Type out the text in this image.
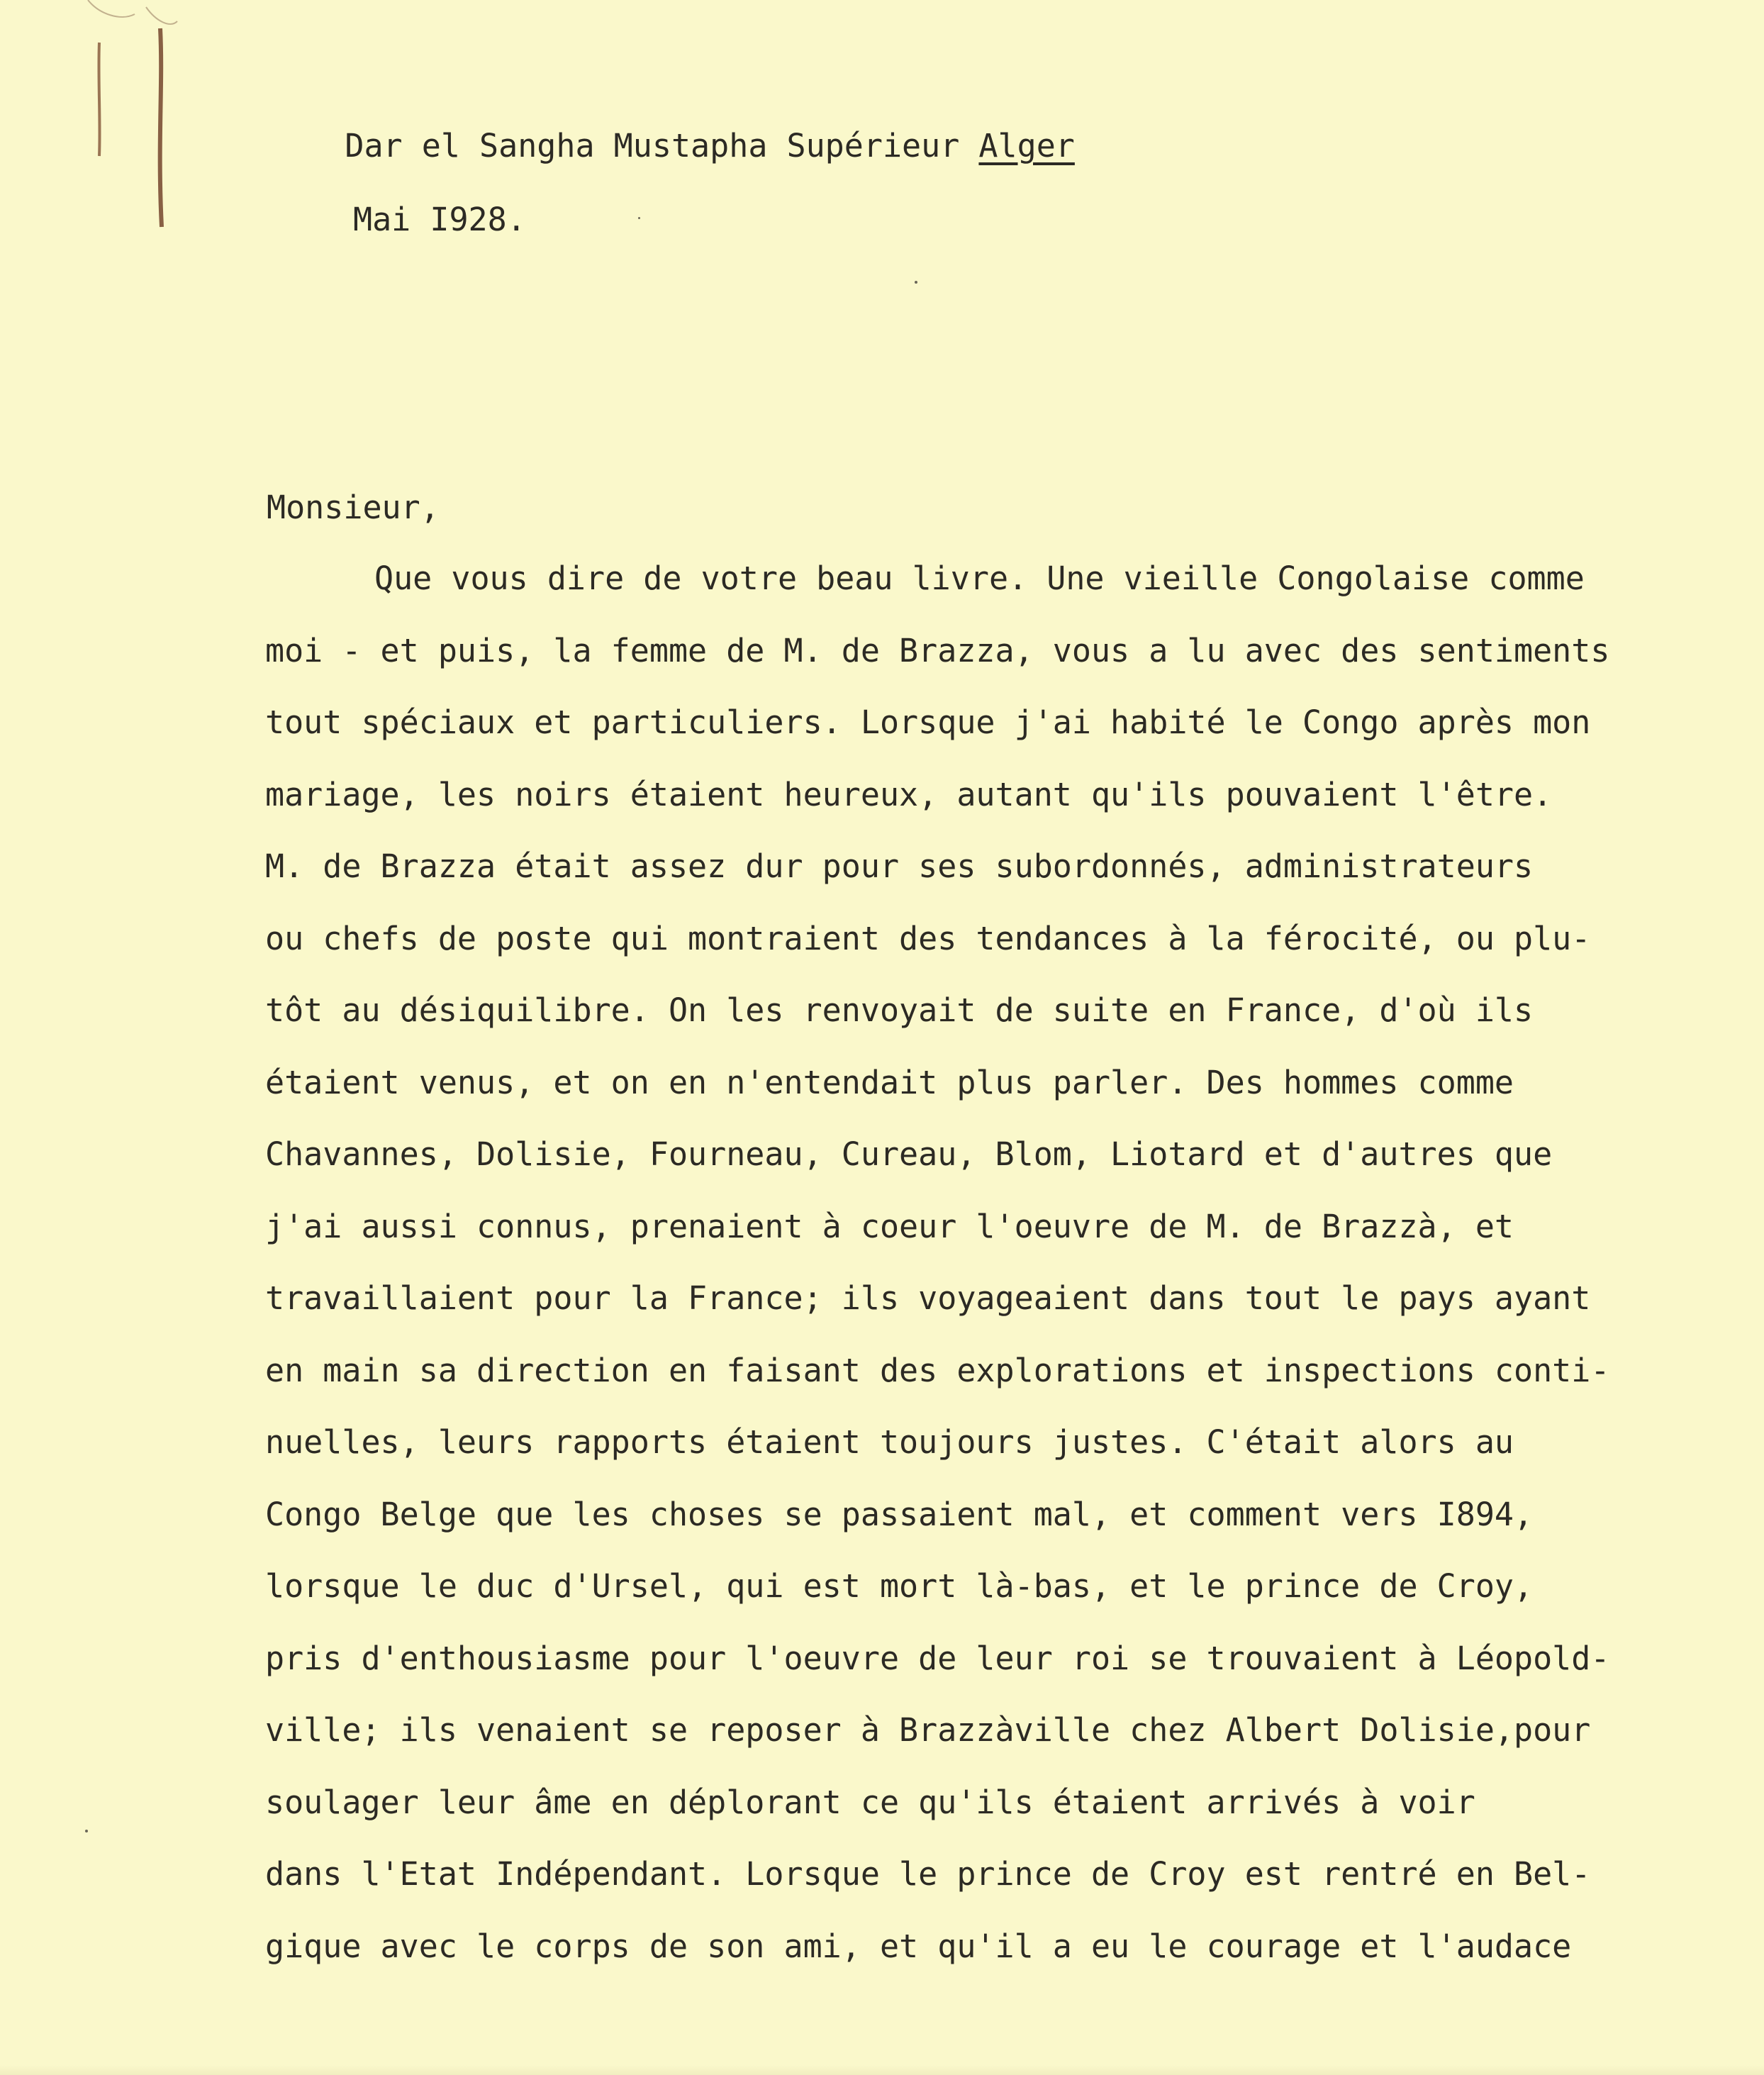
Dar el Sangha Mustapha Supérieur Alger

Mai I928.

Monsieur,
Que vous dire de votre beau livre. Une vieille Congolaise comme
moi - et puis, la femme de M. de Brazza, vous a lu avec des sentiments
tout spéciaux et particuliers. Lorsque j'ai habité le Congo après mon
mariage, les noirs étaient heureux, autant qu'ils pouvaient l'être.
M. de Brazza était assez dur pour ses subordonnés, administrateurs
ou chefs de poste qui montraient des tendances à la férocité, ou plu-
tôt au désiquilibre. On les renvoyait de suite en France, d'où ils
étaient venus, et on en n'entendait plus parler. Des hommes comme
Chavannes, Dolisie, Fourneau, Cureau, Blom, Liotard et d'autres que
j'ai aussi connus, prenaient à coeur l'oeuvre de M. de Brazzà, et
travaillaient pour la France; ils voyageaient dans tout le pays ayant
en main sa direction en faisant des explorations et inspections conti-
nuelles, leurs rapports étaient toujours justes. C'était alors au
Congo Belge que les choses se passaient mal, et comment vers I894,
lorsque le duc d'Ursel, qui est mort là-bas, et le prince de Croy,
pris d'enthousiasme pour l'oeuvre de leur roi se trouvaient à Léopold-
ville; ils venaient se reposer à Brazzàville chez Albert Dolisie,pour
soulager leur âme en déplorant ce qu'ils étaient arrivés à voir
dans l'Etat Indépendant. Lorsque le prince de Croy est rentré en Bel-
gique avec le corps de son ami, et qu'il a eu le courage et l'audace
